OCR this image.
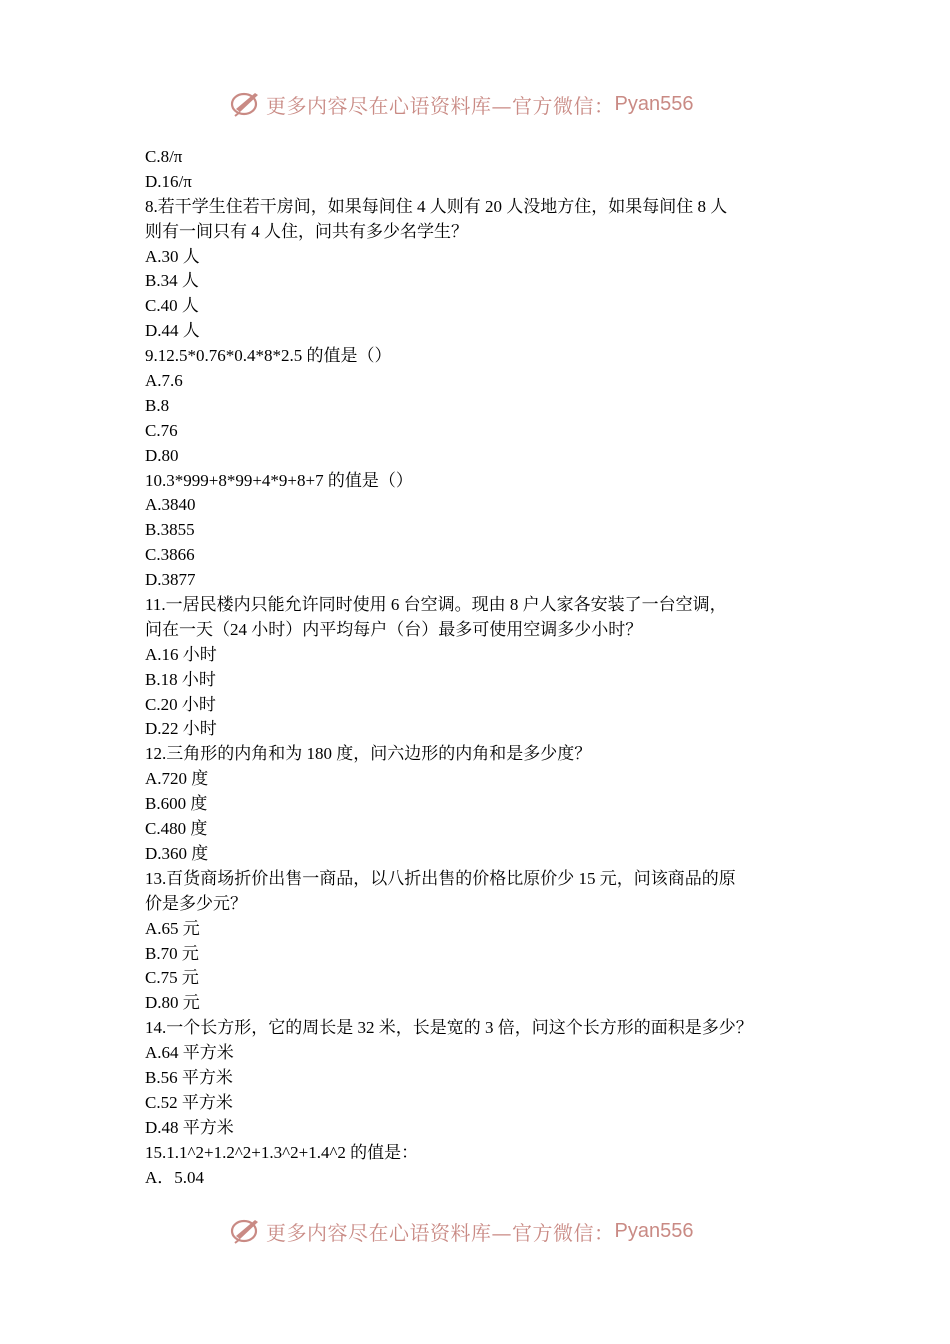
更多内容尽在心语资料库—官方微信： Pyan556
C.8/π
D.16/π
8.若干学生住若干房间，如果每间住 4 人则有 20 人没地方住，如果每间住 8 人
则有一间只有 4 人住，问共有多少名学生？
A.30 人
B.34 人
C.40 人
D.44 人
9.12.5*0.76*0.4*8*2.5 的值是（）
A.7.6
B.8
C.76
D.80
10.3*999+8*99+4*9+8+7 的值是（）
A.3840
B.3855
C.3866
D.3877
11.一居民楼内只能允许同时使用 6 台空调。现由 8 户人家各安装了一台空调，
问在一天（24 小时）内平均每户（台）最多可使用空调多少小时？
A.16 小时
B.18 小时
C.20 小时
D.22 小时
12.三角形的内角和为 180 度，问六边形的内角和是多少度？
A.720 度
B.600 度
C.480 度
D.360 度
13.百货商场折价出售一商品，以八折出售的价格比原价少 15 元，问该商品的原
价是多少元？
A.65 元
B.70 元
C.75 元
D.80 元
14.一个长方形，它的周长是 32 米，长是宽的 3 倍，问这个长方形的面积是多少？
A.64 平方米
B.56 平方米
C.52 平方米
D.48 平方米
15.1.1^2+1.2^2+1.3^2+1.4^2 的值是：
A．5.04
更多内容尽在心语资料库—官方微信： Pyan556
